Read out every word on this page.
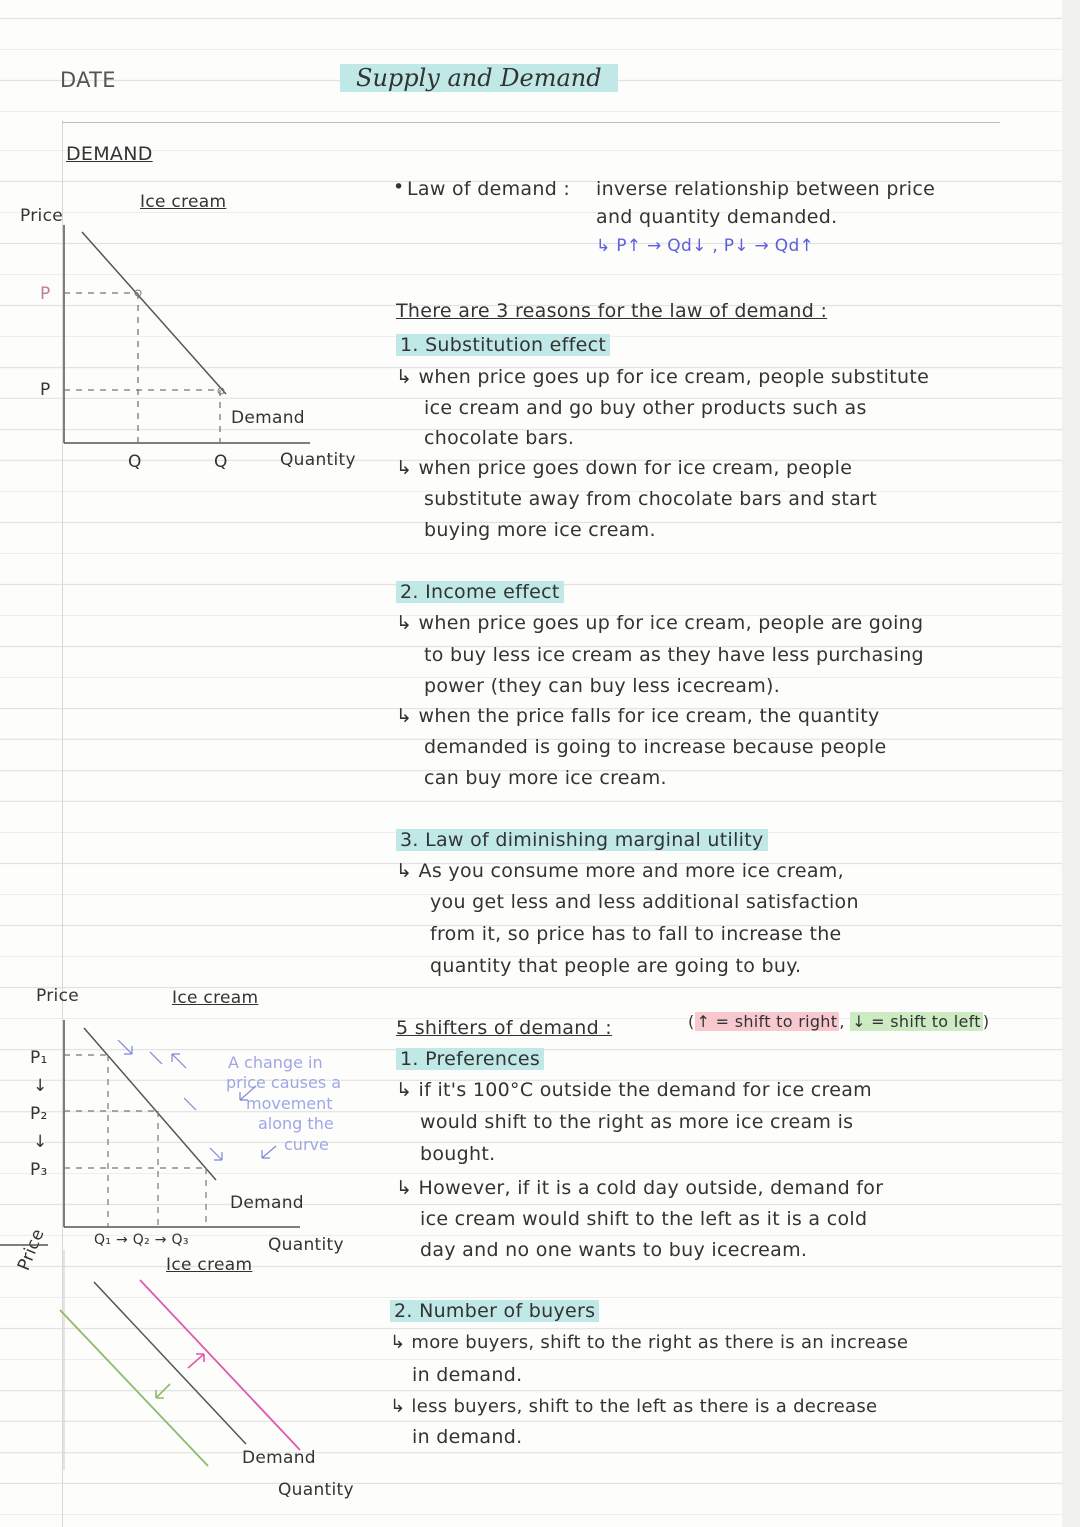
DATE	Supply and Demand
DEMAND
Ice cream
Price
P
P
Q	Q
Demand
Quantity
Price	Ice cream
P₁
↓
P₂
↓
P₃
Q₁ → Q₂ → Q₃
Demand
Quantity
A change in
price causes a
movement
along the
curve
Ice cream
Price
Demand
Quantity
• Law of demand : inverse relationship between price
and quantity demanded.
↳ P↑ → Qd↓ , P↓ → Qd↑
There are 3 reasons for the law of demand :
1. Substitution effect
↳ when price goes up for ice cream, people substitute
ice cream and go buy other products such as
chocolate bars.
↳ when price goes down for ice cream, people
substitute away from chocolate bars and start
buying more ice cream.
2. Income effect
↳ when price goes up for ice cream, people are going
to buy less ice cream as they have less purchasing
power (they can buy less icecream).
↳ when the price falls for ice cream, the quantity
demanded is going to increase because people
can buy more ice cream.
3. Law of diminishing marginal utility
↳ As you consume more and more ice cream,
you get less and less additional satisfaction
from it, so price has to fall to increase the
quantity that people are going to buy.
5 shifters of demand :	( ↑ = shift to right , ↓ = shift to left )
1. Preferences
↳ if it's 100°C outside the demand for ice cream
would shift to the right as more ice cream is
bought.
↳ However, if it is a cold day outside, demand for
ice cream would shift to the left as it is a cold
day and no one wants to buy icecream.
2. Number of buyers
↳ more buyers, shift to the right as there is an increase
in demand.
↳ less buyers, shift to the left as there is a decrease
in demand.
